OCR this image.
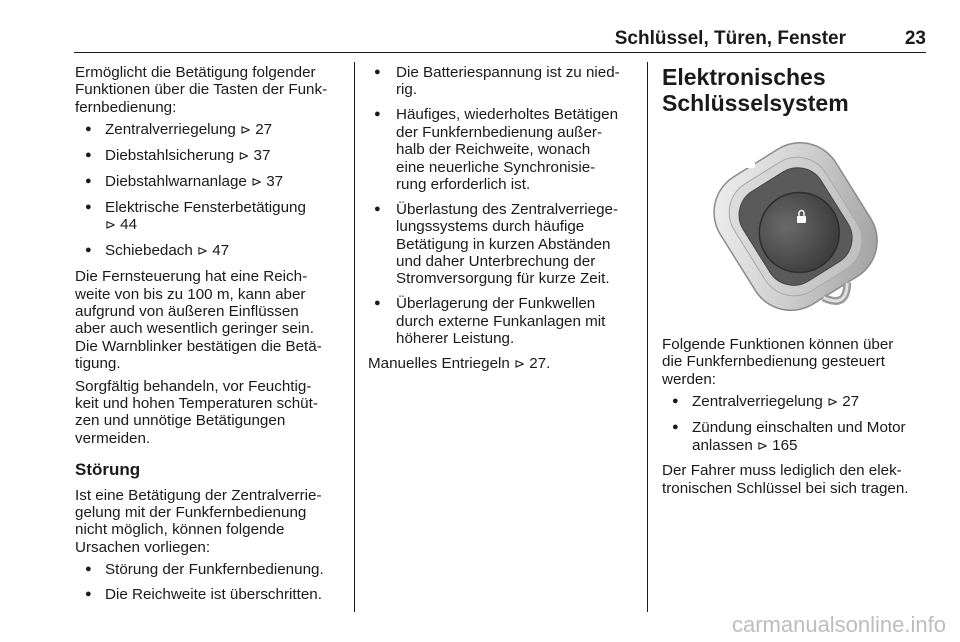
Schlüssel, Türen, Fenster	23

Ermöglicht die Betätigung folgender
Funktionen über die Tasten der Funk-
fernbedienung:

● Zentralverriegelung ⊳ 27
● Diebstahlsicherung ⊳ 37
● Diebstahlwarnanlage ⊳ 37
● Elektrische Fensterbetätigung
⊳ 44
● Schiebedach ⊳ 47

Die Fernsteuerung hat eine Reich-
weite von bis zu 100 m, kann aber
aufgrund von äußeren Einflüssen
aber auch wesentlich geringer sein.
Die Warnblinker bestätigen die Betä-
tigung.

Sorgfältig behandeln, vor Feuchtig-
keit und hohen Temperaturen schüt-
zen und unnötige Betätigungen
vermeiden.

Störung

Ist eine Betätigung der Zentralverrie-
gelung mit der Funkfernbedienung
nicht möglich, können folgende
Ursachen vorliegen:

● Störung der Funkfernbedienung.
● Die Reichweite ist überschritten.
● Die Batteriespannung ist zu nied-
rig.
● Häufiges, wiederholtes Betätigen
der Funkfernbedienung außer-
halb der Reichweite, wonach
eine neuerliche Synchronisie-
rung erforderlich ist.
● Überlastung des Zentralverriege-
lungssystems durch häufige
Betätigung in kurzen Abständen
und daher Unterbrechung der
Stromversorgung für kurze Zeit.
● Überlagerung der Funkwellen
durch externe Funkanlagen mit
höherer Leistung.

Manuelles Entriegeln ⊳ 27.

Elektronisches
Schlüsselsystem

Folgende Funktionen können über
die Funkfernbedienung gesteuert
werden:

● Zentralverriegelung ⊳ 27
● Zündung einschalten und Motor
anlassen ⊳ 165

Der Fahrer muss lediglich den elek-
tronischen Schlüssel bei sich tragen.

carmanualsonline.info
